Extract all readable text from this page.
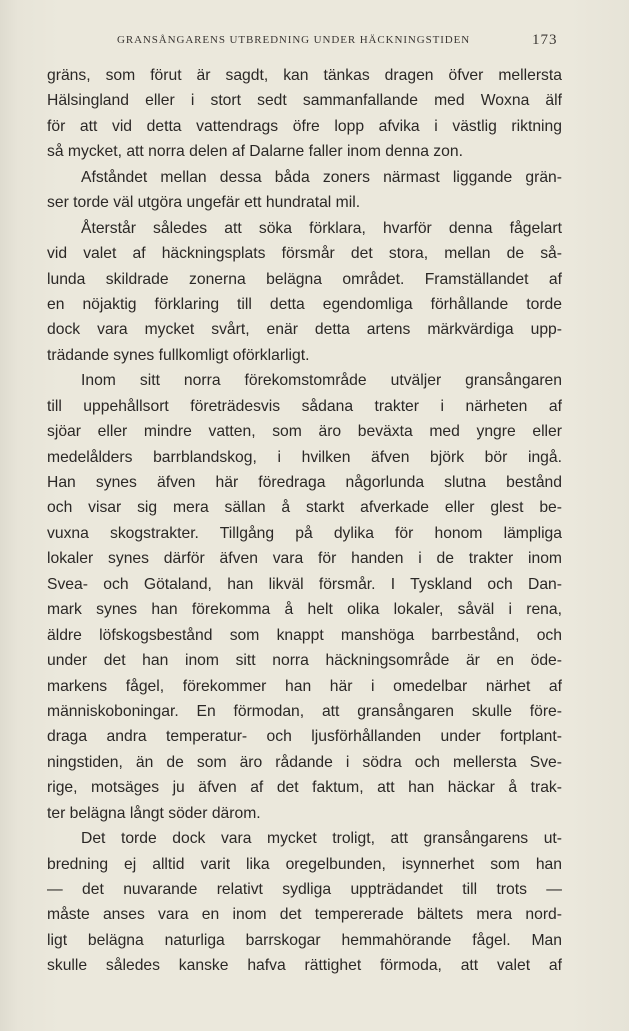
GRANSÅNGARENS UTBREDNING UNDER HÄCKNINGSTIDEN	173
gräns, som förut är sagdt, kan tänkas dragen öfver mellersta
Hälsingland eller i stort sedt sammanfallande med Woxna älf
för att vid detta vattendrags öfre lopp afvika i västlig riktning
så mycket, att norra delen af Dalarne faller inom denna zon.
Afståndet mellan dessa båda zoners närmast liggande grän-
ser torde väl utgöra ungefär ett hundratal mil.
Återstår således att söka förklara, hvarför denna fågelart
vid valet af häckningsplats försmår det stora, mellan de så-
lunda skildrade zonerna belägna området. Framställandet af
en nöjaktig förklaring till detta egendomliga förhållande torde
dock vara mycket svårt, enär detta artens märkvärdiga upp-
trädande synes fullkomligt oförklarligt.
Inom sitt norra förekomstområde utväljer gransångaren
till uppehållsort företrädesvis sådana trakter i närheten af
sjöar eller mindre vatten, som äro beväxta med yngre eller
medelålders barrblandskog, i hvilken äfven björk bör ingå.
Han synes äfven här föredraga någorlunda slutna bestånd
och visar sig mera sällan å starkt afverkade eller glest be-
vuxna skogstrakter. Tillgång på dylika för honom lämpliga
lokaler synes därför äfven vara för handen i de trakter inom
Svea- och Götaland, han likväl försmår. I Tyskland och Dan-
mark synes han förekomma å helt olika lokaler, såväl i rena,
äldre löfskogsbestånd som knappt manshöga barrbestånd, och
under det han inom sitt norra häckningsområde är en öde-
markens fågel, förekommer han här i omedelbar närhet af
människoboningar. En förmodan, att gransångaren skulle före-
draga andra temperatur- och ljusförhållanden under fortplant-
ningstiden, än de som äro rådande i södra och mellersta Sve-
rige, motsäges ju äfven af det faktum, att han häckar å trak-
ter belägna långt söder därom.
Det torde dock vara mycket troligt, att gransångarens ut-
bredning ej alltid varit lika oregelbunden, isynnerhet som han
— det nuvarande relativt sydliga uppträdandet till trots —
måste anses vara en inom det tempererade bältets mera nord-
ligt belägna naturliga barrskogar hemmahörande fågel. Man
skulle således kanske hafva rättighet förmoda, att valet af
